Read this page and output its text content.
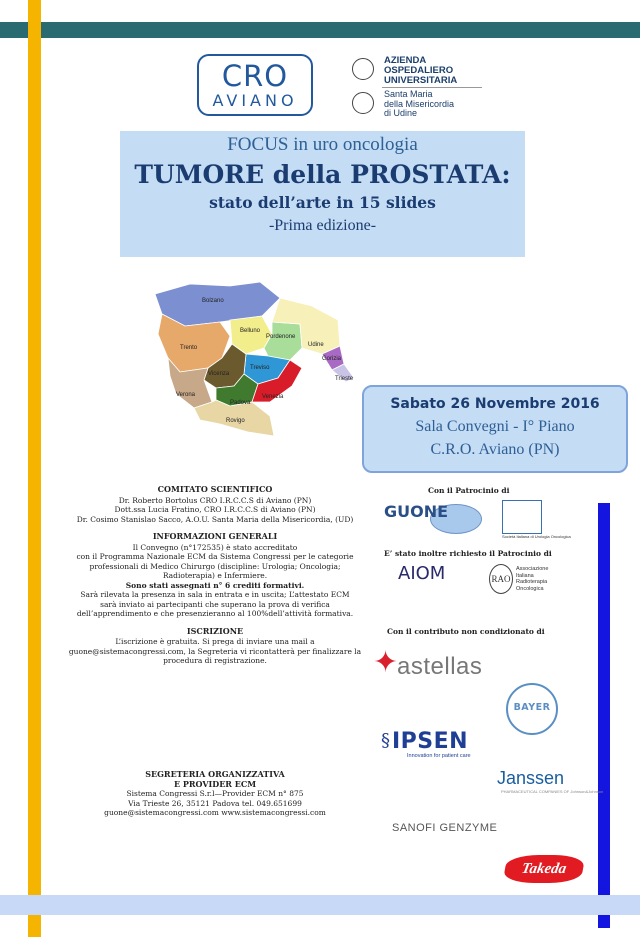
CRO
AVIANO
AZIENDA
OSPEDALIERO
UNIVERSITARIA
Santa Maria
della Misericordia
di Udine
FOCUS in uro oncologia
TUMORE della PROSTATA:
stato dell’arte in 15 slides
-Prima edizione-
Bolzano
Belluno
Pordenone
Udine
Trento
Gorizia
Treviso
Vicenza
Trieste
Verona
Padova
Venezia
Rovigo
Sabato 26 Novembre 2016
Sala Convegni - I° Piano
C.R.O. Aviano (PN)
COMITATO SCIENTIFICO
Dr. Roberto Bortolus CRO I.R.C.C.S di Aviano (PN)
Dott.ssa Lucia Fratino, CRO I.R.C.C.S di Aviano (PN)
Dr. Cosimo Stanislao Sacco, A.O.U. Santa Maria della Misericordia, (UD)
INFORMAZIONI GENERALI
Il Convegno (n°172535) è stato accreditato
con il Programma Nazionale ECM da Sistema Congressi per le categorie
professionali di Medico Chirurgo (discipline: Urologia; Oncologia;
Radioterapia) e Infermiere.
Sono stati assegnati n° 6 crediti formativi.
Sarà rilevata la presenza in sala in entrata e in uscita; L’attestato ECM
sarà inviato ai partecipanti che superano la prova di verifica
dell’apprendimento e che presenzieranno al 100%dell’attività formativa.
ISCRIZIONE
L’iscrizione è gratuita. Si prega di inviare una mail a
guone@sistemacongressi.com, la Segreteria vi ricontatterà per finalizzare la
procedura di registrazione.
SEGRETERIA ORGANIZZATIVA
E PROVIDER ECM
Sistema Congressi S.r.l—Provider ECM n° 875
Via Trieste 26, 35121 Padova tel. 049.651699
guone@sistemacongressi.com www.sistemacongressi.com
Con il Patrocinio di
GUONE
Società Italiana di Urologia Oncologica
E’ stato inoltre richiesto il Patrocinio di
AIOM	RAO
Associazione
Italiana
Radioterapia
Oncologica
Con il contributo non condizionato di
✦
astellas
BAYER
§ IPSEN
Innovation for patient care
Janssen
PHARMACEUTICAL COMPANIES OF Johnson&Johnson
SANOFI GENZYME
Takeda
